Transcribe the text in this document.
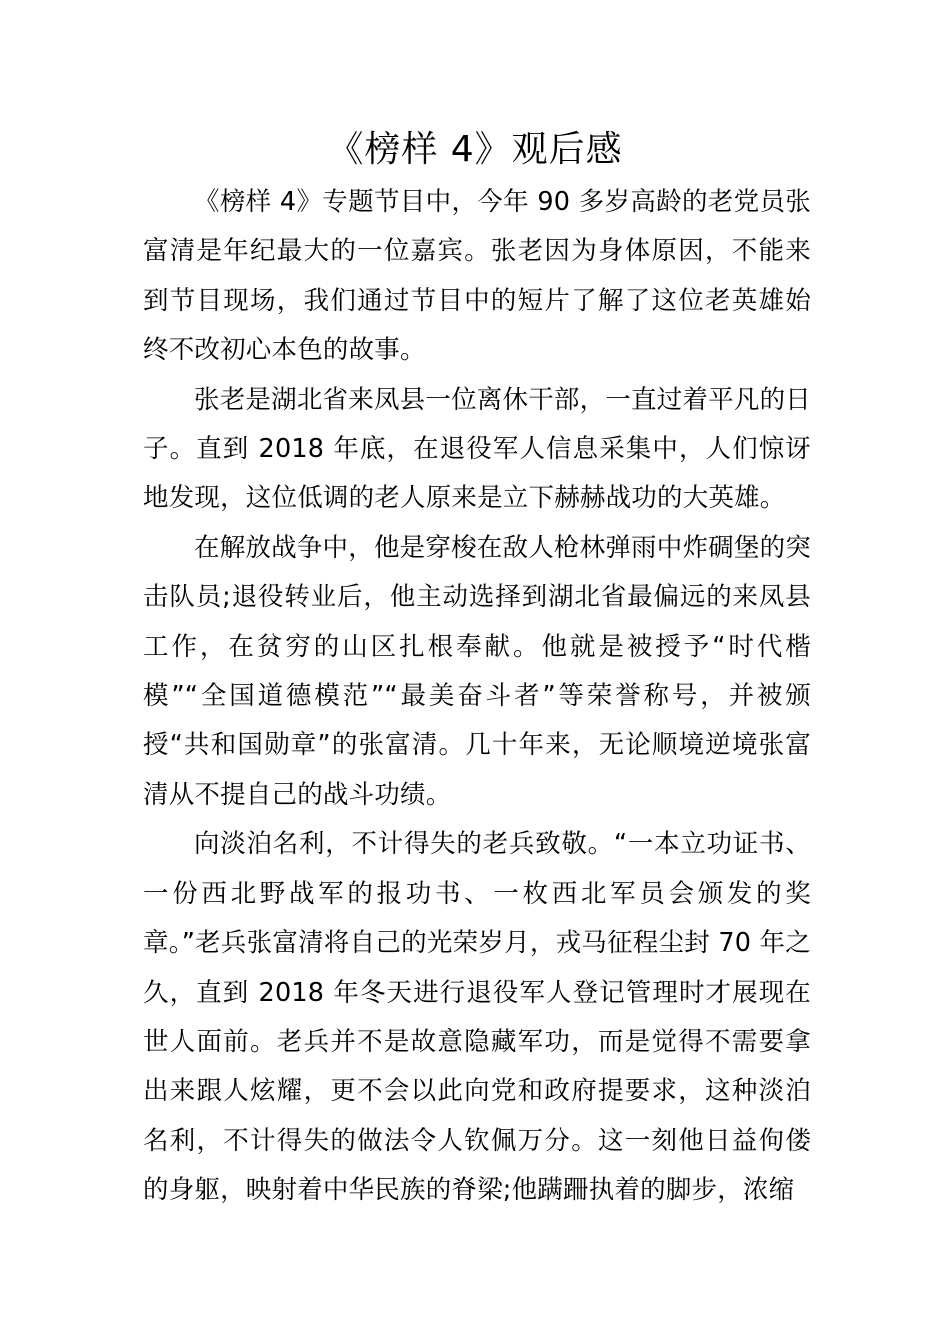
《榜样 4》观后感

《榜样 4》专题节目中，今年 90 多岁高龄的老党员张富清是年纪最大的一位嘉宾。张老因为身体原因，不能来到节目现场，我们通过节目中的短片了解了这位老英雄始终不改初心本色的故事。

张老是湖北省来凤县一位离休干部，一直过着平凡的日子。直到 2018 年底，在退役军人信息采集中，人们惊讶地发现，这位低调的老人原来是立下赫赫战功的大英雄。

在解放战争中，他是穿梭在敌人枪林弹雨中炸碉堡的突击队员;退役转业后，他主动选择到湖北省最偏远的来凤县工作，在贫穷的山区扎根奉献。他就是被授予“时代楷模”“全国道德模范”“最美奋斗者”等荣誉称号，并被颁授“共和国勋章”的张富清。几十年来，无论顺境逆境张富清从不提自己的战斗功绩。

向淡泊名利，不计得失的老兵致敬。“一本立功证书、一份西北野战军的报功书、一枚西北军员会颁发的奖章。”老兵张富清将自己的光荣岁月，戎马征程尘封 70 年之久，直到 2018 年冬天进行退役军人登记管理时才展现在世人面前。老兵并不是故意隐藏军功，而是觉得不需要拿出来跟人炫耀，更不会以此向党和政府提要求，这种淡泊名利，不计得失的做法令人钦佩万分。这一刻他日益佝偻的身躯，映射着中华民族的脊梁;他蹒跚执着的脚步，浓缩
